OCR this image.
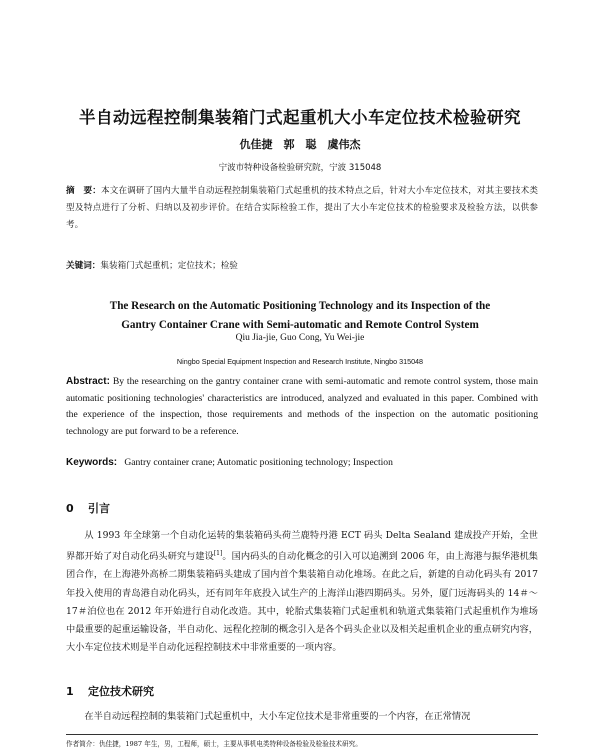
半自动远程控制集装箱门式起重机大小车定位技术检验研究
仇佳捷　郭　聪　虞伟杰
宁波市特种设备检验研究院，宁波 315048
摘　要：本文在调研了国内大量半自动远程控制集装箱门式起重机的技术特点之后，针对大小车定位技术，对其主要技术类型及特点进行了分析、归纳以及初步评价。在结合实际检验工作，提出了大小车定位技术的检验要求及检验方法，以供参考。
关键词：集装箱门式起重机；定位技术；检验
The Research on the Automatic Positioning Technology and its Inspection of the
Gantry Container Crane with Semi-automatic and Remote Control System
Qiu Jia-jie, Guo Cong, Yu Wei-jie
Ningbo Special Equipment Inspection and Research Institute, Ningbo 315048
Abstract: By the researching on the gantry container crane with semi-automatic and remote control system, those main automatic positioning technologies' characteristics are introduced, analyzed and evaluated in this paper. Combined with the experience of the inspection, those requirements and methods of the inspection on the automatic positioning technology are put forward to be a reference.
Keywords: Gantry container crane; Automatic positioning technology; Inspection
0 引言
从 1993 年全球第一个自动化运转的集装箱码头荷兰鹿特丹港 ECT 码头 Delta Sealand 建成投产开始，全世界都开始了对自动化码头研究与建设[1]。国内码头的自动化概念的引入可以追溯到 2006 年，由上海港与振华港机集团合作，在上海港外高桥二期集装箱码头建成了国内首个集装箱自动化堆场。在此之后，新建的自动化码头有 2017 年投入使用的青岛港自动化码头，还有同年年底投入试生产的上海洋山港四期码头。另外，厦门远海码头的 14＃～17＃泊位也在 2012 年开始进行自动化改造。其中，轮胎式集装箱门式起重机和轨道式集装箱门式起重机作为堆场中最重要的起重运输设备，半自动化、远程化控制的概念引入是各个码头企业以及相关起重机企业的重点研究内容，大小车定位技术则是半自动化远程控制技术中非常重要的一项内容。
1 定位技术研究
在半自动远程控制的集装箱门式起重机中，大小车定位技术是非常重要的一个内容，在正常情况
作者简介：仇佳捷，1987 年生，男，工程师，硕士，主要从事机电类特种设备检验及检验技术研究。
